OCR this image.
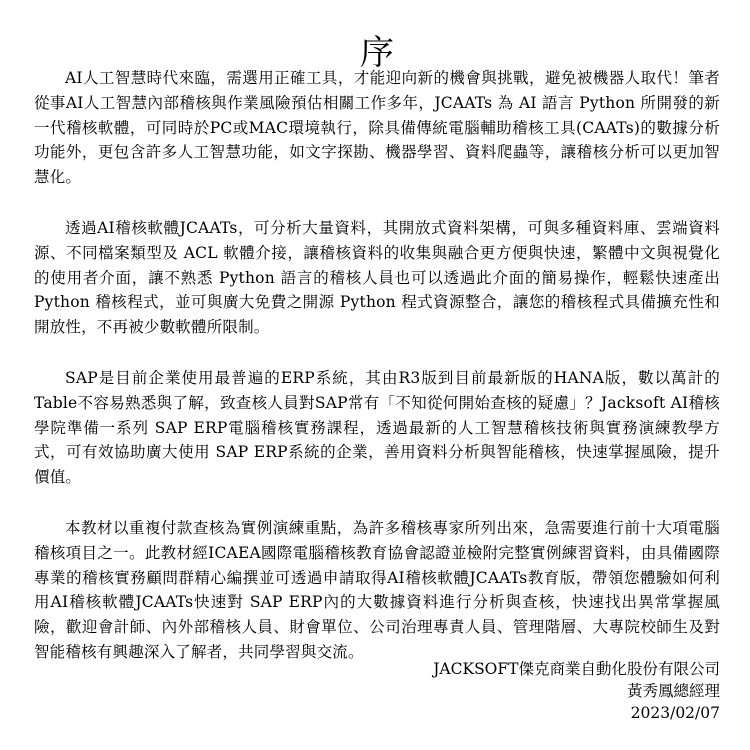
序

AI人工智慧時代來臨，需選用正確工具，才能迎向新的機會與挑戰，避免被機器人取代！筆者從事AI人工智慧內部稽核與作業風險預估相關工作多年，JCAATs 為 AI 語言 Python 所開發的新一代稽核軟體，可同時於PC或MAC環境執行，除具備傳統電腦輔助稽核工具(CAATs)的數據分析功能外，更包含許多人工智慧功能，如文字探勘、機器學習、資料爬蟲等，讓稽核分析可以更加智慧化。

透過AI稽核軟體JCAATs，可分析大量資料，其開放式資料架構，可與多種資料庫、雲端資料源、不同檔案類型及 ACL 軟體介接，讓稽核資料的收集與融合更方便與快速，繁體中文與視覺化的使用者介面，讓不熟悉 Python 語言的稽核人員也可以透過此介面的簡易操作，輕鬆快速產出 Python 稽核程式，並可與廣大免費之開源 Python 程式資源整合，讓您的稽核程式具備擴充性和開放性，不再被少數軟體所限制。

SAP是目前企業使用最普遍的ERP系統，其由R3版到目前最新版的HANA版，數以萬計的Table不容易熟悉與了解，致查核人員對SAP常有「不知從何開始查核的疑慮」？Jacksoft AI稽核學院準備一系列 SAP ERP電腦稽核實務課程，透過最新的人工智慧稽核技術與實務演練教學方式，可有效協助廣大使用 SAP ERP系統的企業，善用資料分析與智能稽核，快速掌握風險，提升價值。

本教材以重複付款查核為實例演練重點，為許多稽核專家所列出來，急需要進行前十大項電腦稽核項目之一。此教材經ICAEA國際電腦稽核教育協會認證並檢附完整實例練習資料，由具備國際專業的稽核實務顧問群精心編撰並可透過申請取得AI稽核軟體JCAATs教育版，帶領您體驗如何利用AI稽核軟體JCAATs快速對 SAP ERP內的大數據資料進行分析與查核，快速找出異常掌握風險，歡迎會計師、內外部稽核人員、財會單位、公司治理專責人員、管理階層、大專院校師生及對智能稽核有興趣深入了解者，共同學習與交流。

JACKSOFT傑克商業自動化股份有限公司
黃秀鳳總經理
2023/02/07
